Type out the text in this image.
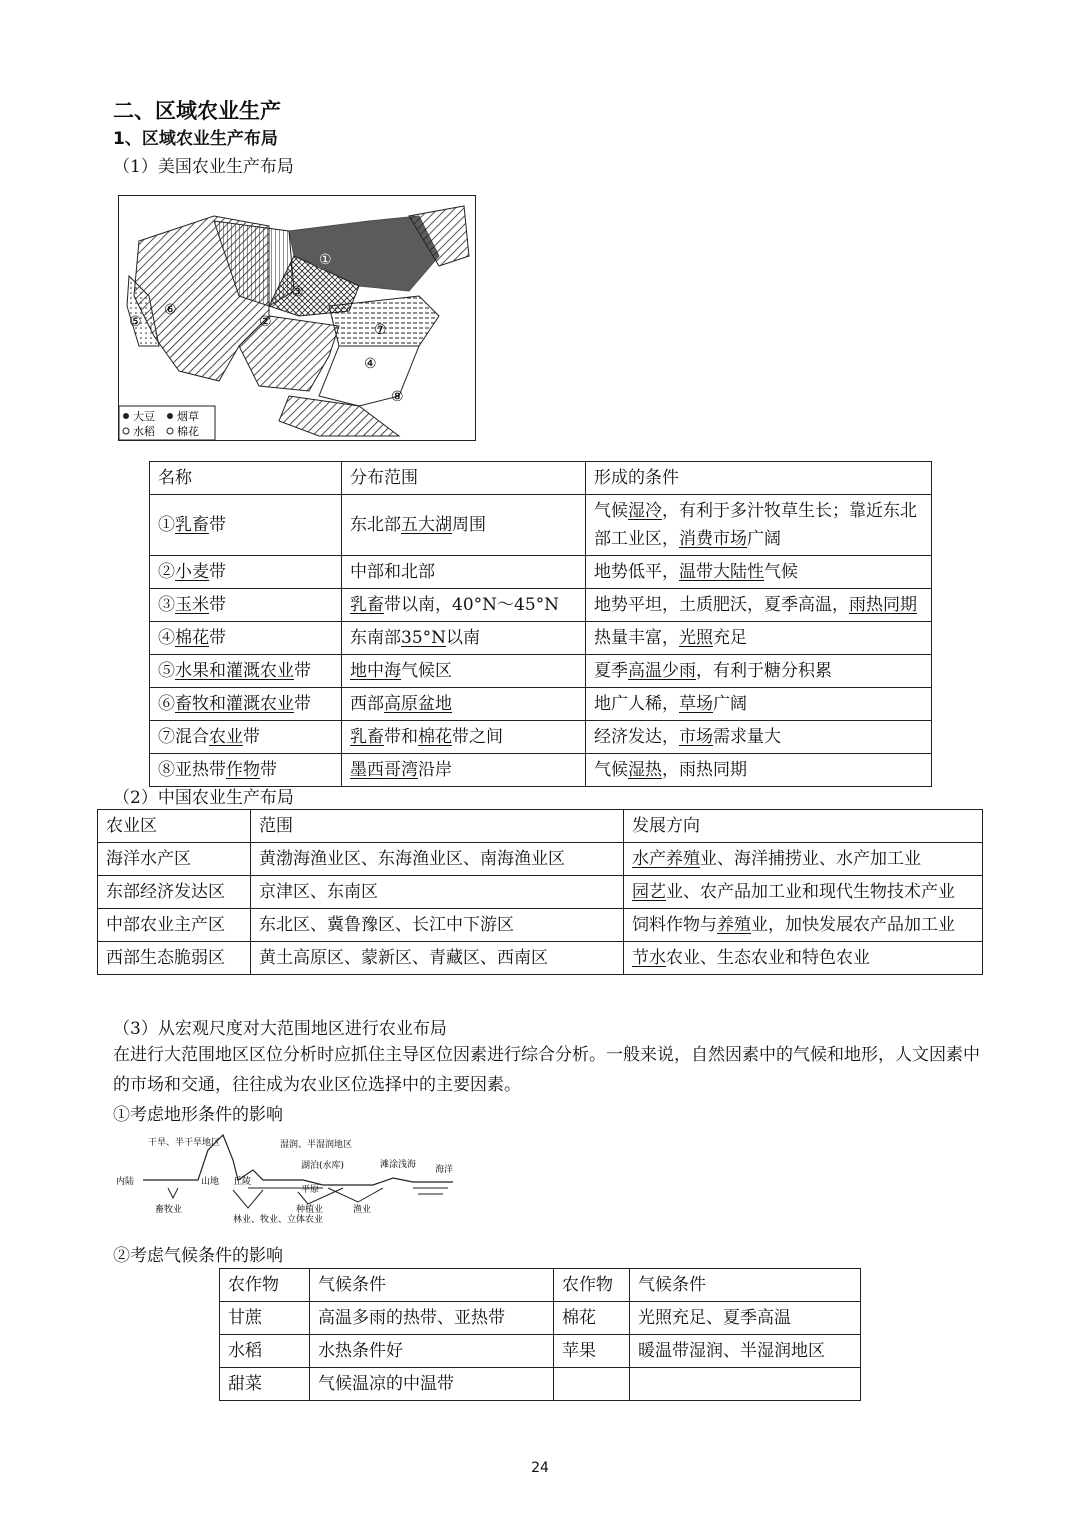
二、区域农业生产
1、区域农业生产布局
（1）美国农业生产布局
①
②
③
④
⑤
⑥
⑦
⑧
大豆 烟草
水稻 棉花
名称	分布范围	形成的条件
①乳畜带	东北部五大湖周围	气候湿冷，有利于多汁牧草生长；靠近东北部工业区，消费市场广阔
②小麦带	中部和北部	地势低平，温带大陆性气候
③玉米带	乳畜带以南，40°N～45°N	地势平坦，土质肥沃，夏季高温，雨热同期
④棉花带	东南部35°N以南	热量丰富，光照充足
⑤水果和灌溉农业带	地中海气候区	夏季高温少雨，有利于糖分积累
⑥畜牧和灌溉农业带	西部高原盆地	地广人稀，草场广阔
⑦混合农业带	乳畜带和棉花带之间	经济发达，市场需求量大
⑧亚热带作物带	墨西哥湾沿岸	气候湿热，雨热同期
（2）中国农业生产布局
农业区	范围	发展方向
海洋水产区	黄渤海渔业区、东海渔业区、南海渔业区	水产养殖业、海洋捕捞业、水产加工业
东部经济发达区	京津区、东南区	园艺业、农产品加工业和现代生物技术产业
中部农业主产区	东北区、冀鲁豫区、长江中下游区	饲料作物与养殖业，加快发展农产品加工业
西部生态脆弱区	黄土高原区、蒙新区、青藏区、西南区	节水农业、生态农业和特色农业
（3）从宏观尺度对大范围地区进行农业布局
在进行大范围地区区位分析时应抓住主导区位因素进行综合分析。一般来说，自然因素中的气候和地形，人文因素中的市场和交通，往往成为农业区位选择中的主要因素。
①考虑地形条件的影响
干旱、半干旱地区
内陆	山地 丘陵
湿润、半湿润地区
湖泊(水库)	滩涂浅海 海洋
平原
畜牧业
林业、牧业、立体农业
种植业	渔业
②考虑气候条件的影响
农作物	气候条件	农作物	气候条件
甘蔗	高温多雨的热带、亚热带	棉花	光照充足、夏季高温
水稻	水热条件好	苹果	暖温带湿润、半湿润地区
甜菜	气候温凉的中温带		
24
